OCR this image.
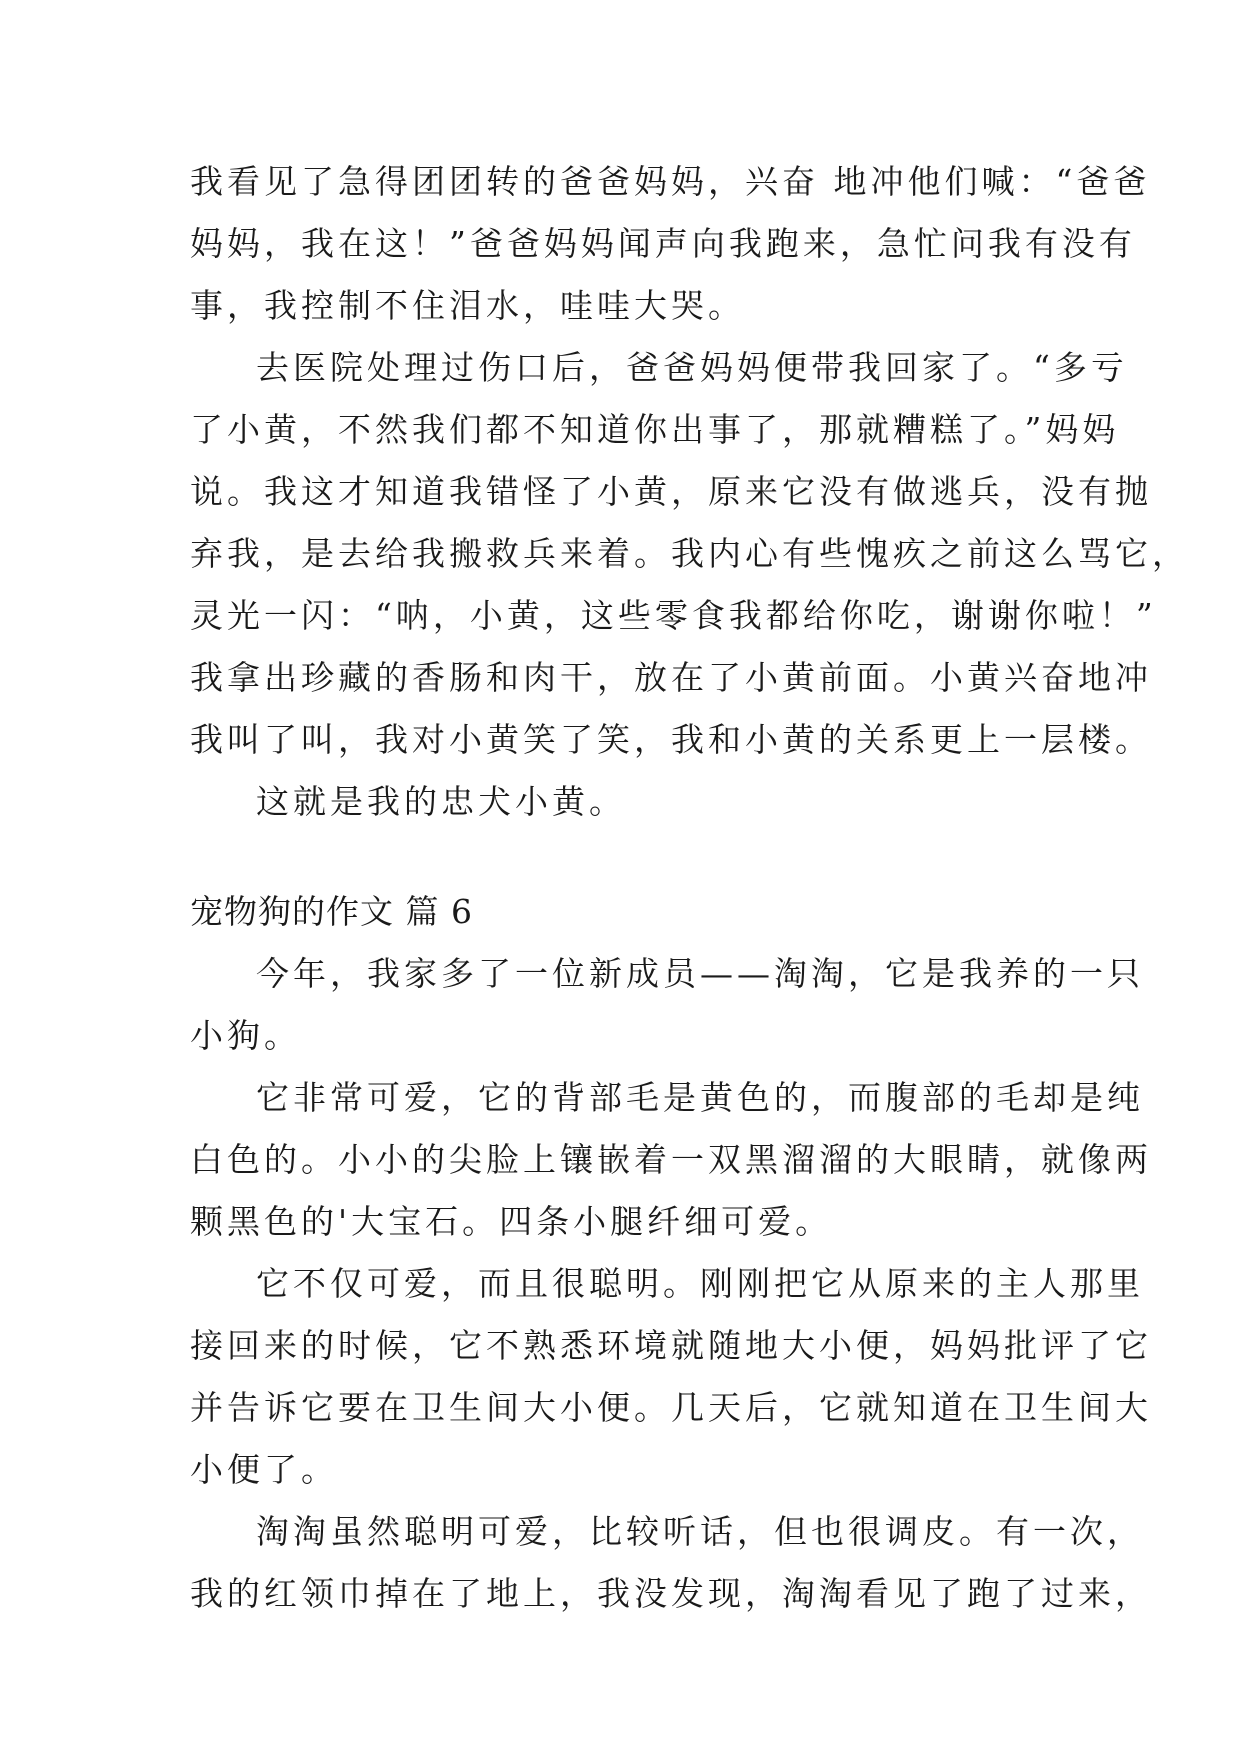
我看见了急得团团转的爸爸妈妈，兴奋 地冲他们喊：“爸爸
妈妈，我在这！”爸爸妈妈闻声向我跑来，急忙问我有没有
事，我控制不住泪水，哇哇大哭。
去医院处理过伤口后，爸爸妈妈便带我回家了。“多亏
了小黄，不然我们都不知道你出事了，那就糟糕了。”妈妈
说。我这才知道我错怪了小黄，原来它没有做逃兵，没有抛
弃我，是去给我搬救兵来着。我内心有些愧疚之前这么骂它，
灵光一闪：“呐，小黄，这些零食我都给你吃，谢谢你啦！”
我拿出珍藏的香肠和肉干，放在了小黄前面。小黄兴奋地冲
我叫了叫，我对小黄笑了笑，我和小黄的关系更上一层楼。
这就是我的忠犬小黄。
宠物狗的作文 篇 6
今年，我家多了一位新成员——淘淘，它是我养的一只
小狗。
它非常可爱，它的背部毛是黄色的，而腹部的毛却是纯
白色的。小小的尖脸上镶嵌着一双黑溜溜的大眼睛，就像两
颗黑色的'大宝石。四条小腿纤细可爱。
它不仅可爱，而且很聪明。刚刚把它从原来的主人那里
接回来的时候，它不熟悉环境就随地大小便，妈妈批评了它
并告诉它要在卫生间大小便。几天后，它就知道在卫生间大
小便了。
淘淘虽然聪明可爱，比较听话，但也很调皮。有一次，
我的红领巾掉在了地上，我没发现，淘淘看见了跑了过来，
